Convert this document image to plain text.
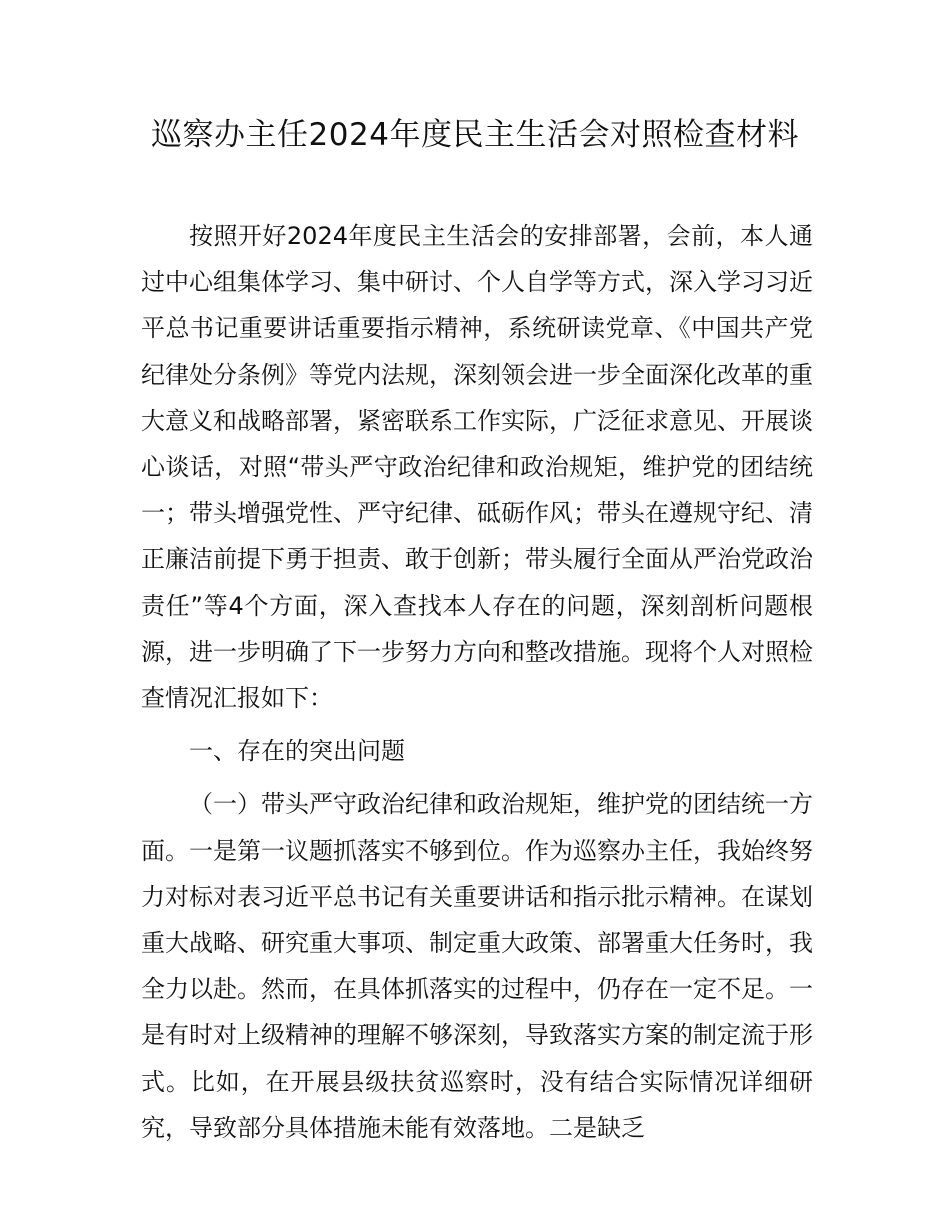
巡察办主任2024年度民主生活会对照检查材料

按照开好2024年度民主生活会的安排部署，会前，本人通过中心组集体学习、集中研讨、个人自学等方式，深入学习习近平总书记重要讲话重要指示精神，系统研读党章、《中国共产党纪律处分条例》等党内法规，深刻领会进一步全面深化改革的重大意义和战略部署，紧密联系工作实际，广泛征求意见、开展谈心谈话，对照“带头严守政治纪律和政治规矩，维护党的团结统一；带头增强党性、严守纪律、砥砺作风；带头在遵规守纪、清正廉洁前提下勇于担责、敢于创新；带头履行全面从严治党政治责任”等4个方面，深入查找本人存在的问题，深刻剖析问题根源，进一步明确了下一步努力方向和整改措施。现将个人对照检查情况汇报如下：

一、存在的突出问题

（一）带头严守政治纪律和政治规矩，维护党的团结统一方面。一是第一议题抓落实不够到位。作为巡察办主任，我始终努力对标对表习近平总书记有关重要讲话和指示批示精神。在谋划重大战略、研究重大事项、制定重大政策、部署重大任务时，我全力以赴。然而，在具体抓落实的过程中，仍存在一定不足。一是有时对上级精神的理解不够深刻，导致落实方案的制定流于形式。比如，在开展县级扶贫巡察时，没有结合实际情况详细研究，导致部分具体措施未能有效落地。二是缺乏
